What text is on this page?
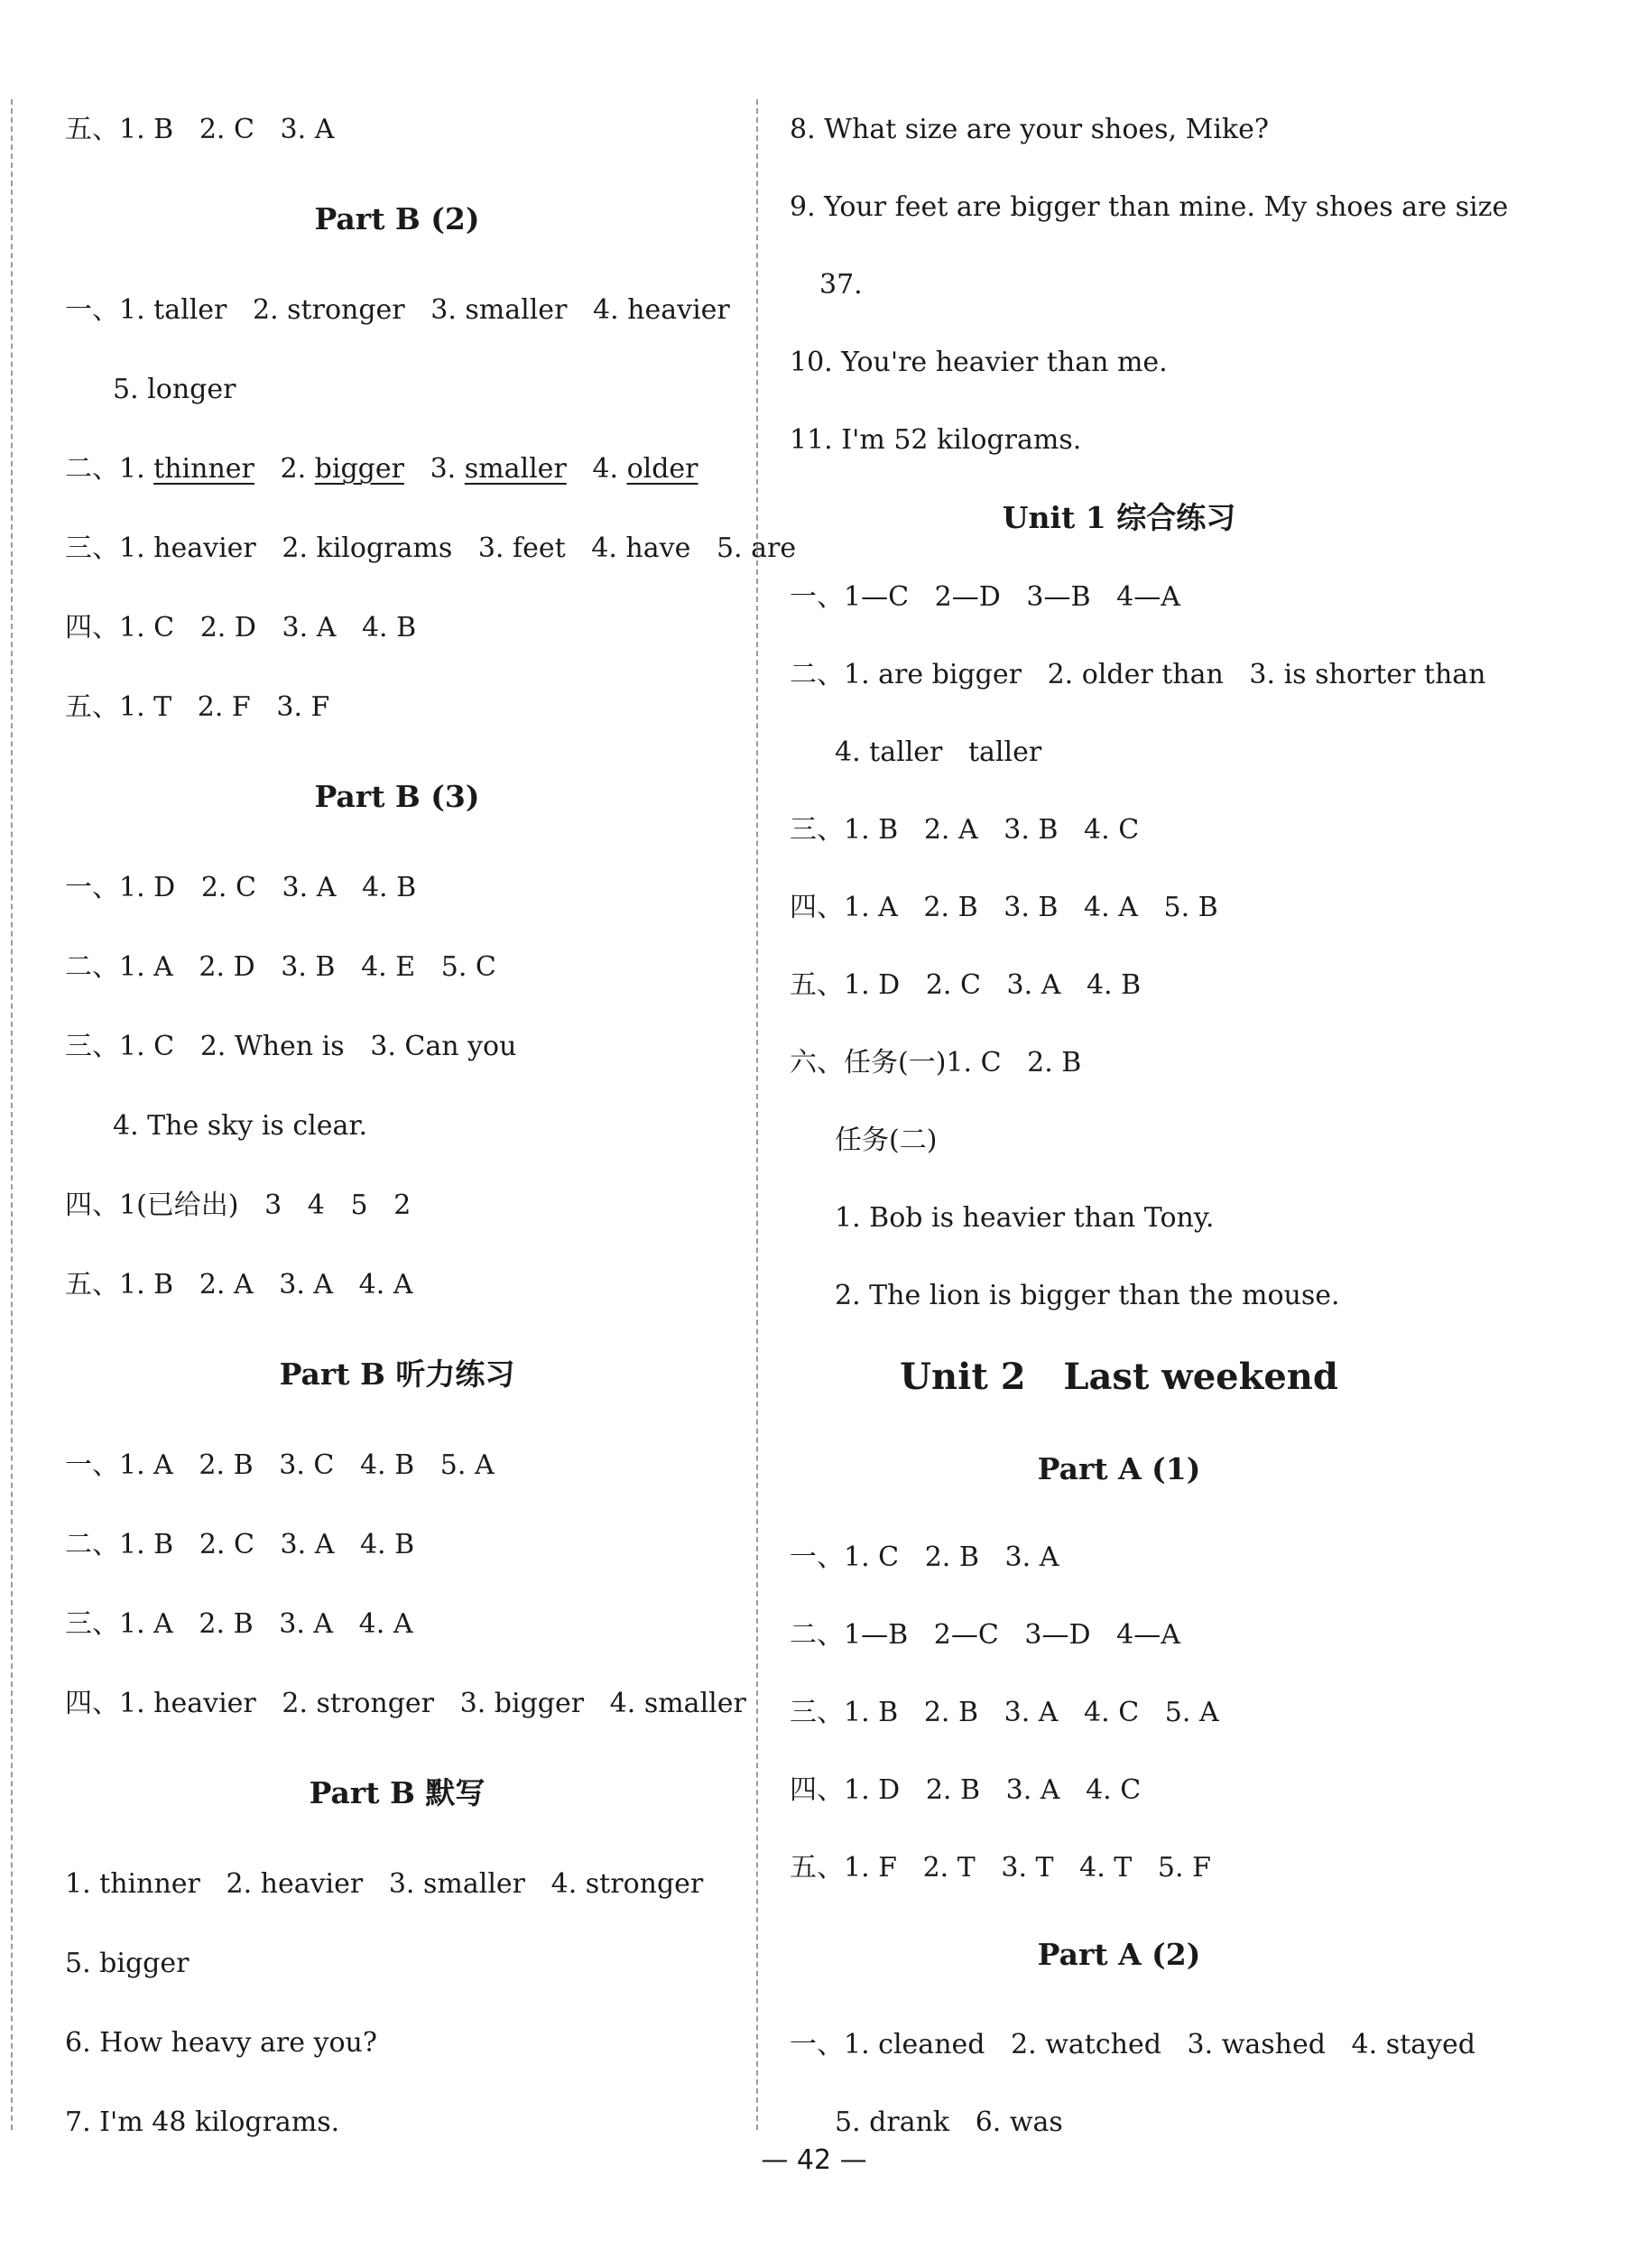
五、1. B   2. C   3. A
Part B (2)
一、1. taller   2. stronger   3. smaller   4. heavier
5. longer
二、1. thinner   2. bigger   3. smaller   4. older
三、1. heavier   2. kilograms   3. feet   4. have   5. are
四、1. C   2. D   3. A   4. B
五、1. T   2. F   3. F
Part B (3)
一、1. D   2. C   3. A   4. B
二、1. A   2. D   3. B   4. E   5. C
三、1. C   2. When is   3. Can you
4. The sky is clear.
四、1(已给出)   3   4   5   2
五、1. B   2. A   3. A   4. A
Part B 听力练习
一、1. A   2. B   3. C   4. B   5. A
二、1. B   2. C   3. A   4. B
三、1. A   2. B   3. A   4. A
四、1. heavier   2. stronger   3. bigger   4. smaller
Part B 默写
1. thinner   2. heavier   3. smaller   4. stronger
5. bigger
6. How heavy are you?
7. I'm 48 kilograms.
8. What size are your shoes, Mike?
9. Your feet are bigger than mine. My shoes are size
37.
10. You're heavier than me.
11. I'm 52 kilograms.
Unit 1 综合练习
一、1—C   2—D   3—B   4—A
二、1. are bigger   2. older than   3. is shorter than
4. taller   taller
三、1. B   2. A   3. B   4. C
四、1. A   2. B   3. B   4. A   5. B
五、1. D   2. C   3. A   4. B
六、任务(一)1. C   2. B
任务(二)
1. Bob is heavier than Tony.
2. The lion is bigger than the mouse.
Unit 2   Last weekend
Part A (1)
一、1. C   2. B   3. A
二、1—B   2—C   3—D   4—A
三、1. B   2. B   3. A   4. C   5. A
四、1. D   2. B   3. A   4. C
五、1. F   2. T   3. T   4. T   5. F
Part A (2)
一、1. cleaned   2. watched   3. washed   4. stayed
5. drank   6. was
— 42 —
